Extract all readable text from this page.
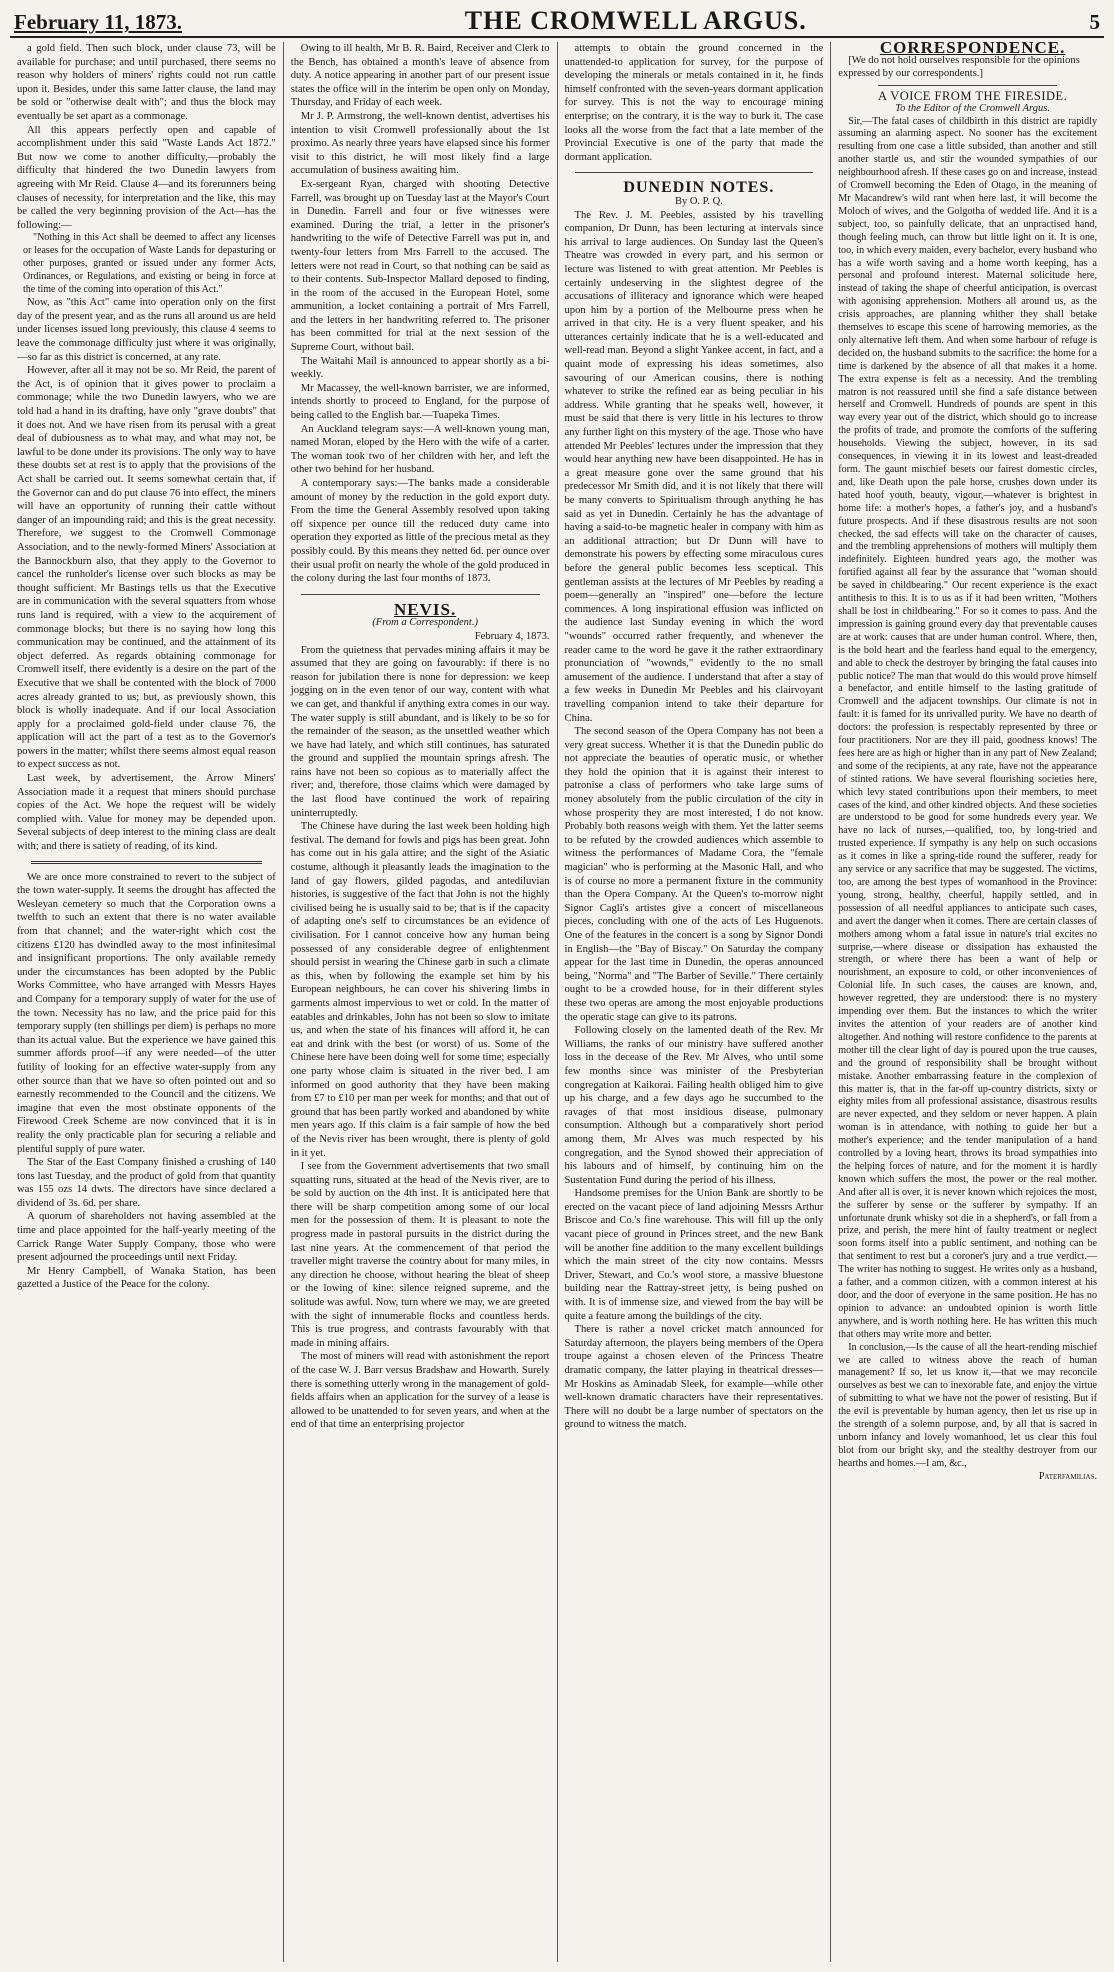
February 11, 1873.	THE CROMWELL ARGUS.	5

a gold field. Then such block, under clause 73, will be available for purchase; and until purchased, there seems no reason why holders of miners' rights could not run cattle upon it. Besides, under this same latter clause, the land may be sold or "otherwise dealt with"; and thus the block may eventually be set apart as a commonage.

All this appears perfectly open and capable of accomplishment under this said "Waste Lands Act 1872." But now we come to another difficulty,—probably the difficulty that hindered the two Dunedin lawyers from agreeing with Mr Reid. Clause 4—and its forerunners being clauses of necessity, for interpretation and the like, this may be called the very beginning provision of the Act—has the following:—

"Nothing in this Act shall be deemed to affect any licenses or leases for the occupation of Waste Lands for depasturing or other purposes, granted or issued under any former Acts, Ordinances, or Regulations, and existing or being in force at the time of the coming into operation of this Act."

Now, as "this Act" came into operation only on the first day of the present year, and as the runs all around us are held under licenses issued long previously, this clause 4 seems to leave the commonage difficulty just where it was originally,—so far as this district is concerned, at any rate.

However, after all it may not be so. Mr Reid, the parent of the Act, is of opinion that it gives power to proclaim a commonage; while the two Dunedin lawyers, who we are told had a hand in its drafting, have only "grave doubts" that it does not. And we have risen from its perusal with a great deal of dubiousness as to what may, and what may not, be lawful to be done under its provisions. The only way to have these doubts set at rest is to apply that the provisions of the Act shall be carried out. It seems somewhat certain that, if the Governor can and do put clause 76 into effect, the miners will have an opportunity of running their cattle without danger of an impounding raid; and this is the great necessity. Therefore, we suggest to the Cromwell Commonage Association, and to the newly-formed Miners' Association at the Bannockburn also, that they apply to the Governor to cancel the runholder's license over such blocks as may be thought sufficient. Mr Bastings tells us that the Executive are in communication with the several squatters from whose runs land is required, with a view to the acquirement of commonage blocks; but there is no saying how long this communication may be continued, and the attainment of its object deferred. As regards obtaining commonage for Cromwell itself, there evidently is a desire on the part of the Executive that we shall be contented with the block of 7000 acres already granted to us; but, as previously shown, this block is wholly inadequate. And if our local Association apply for a proclaimed gold-field under clause 76, the application will act the part of a test as to the Governor's powers in the matter; whilst there seems almost equal reason to expect success as not.

Last week, by advertisement, the Arrow Miners' Association made it a request that miners should purchase copies of the Act. We hope the request will be widely complied with. Value for money may be depended upon. Several subjects of deep interest to the mining class are dealt with; and there is satiety of reading, of its kind.

We are once more constrained to revert to the subject of the town water-supply. It seems the drought has affected the Wesleyan cemetery so much that the Corporation owns a twelfth to such an extent that there is no water available from that channel; and the water-right which cost the citizens £120 has dwindled away to the most infinitesimal and insignificant proportions. The only available remedy under the circumstances has been adopted by the Public Works Committee, who have arranged with Messrs Hayes and Company for a temporary supply of water for the use of the town. Necessity has no law, and the price paid for this temporary supply (ten shillings per diem) is perhaps no more than its actual value. But the experience we have gained this summer affords proof—if any were needed—of the utter futility of looking for an effective water-supply from any other source than that we have so often pointed out and so earnestly recommended to the Council and the citizens. We imagine that even the most obstinate opponents of the Firewood Creek Scheme are now convinced that it is in reality the only practicable plan for securing a reliable and plentiful supply of pure water.

The Star of the East Company finished a crushing of 140 tons last Tuesday, and the product of gold from that quantity was 155 ozs 14 dwts. The directors have since declared a dividend of 3s. 6d. per share.

A quorum of shareholders not having assembled at the time and place appointed for the half-yearly meeting of the Carrick Range Water Supply Company, those who were present adjourned the proceedings until next Friday.

Mr Henry Campbell, of Wanaka Station, has been gazetted a Justice of the Peace for the colony.

Owing to ill health, Mr B. R. Baird, Receiver and Clerk to the Bench, has obtained a month's leave of absence from duty. A notice appearing in another part of our present issue states the office will in the interim be open only on Monday, Thursday, and Friday of each week.

Mr J. P. Armstrong, the well-known dentist, advertises his intention to visit Cromwell professionally about the 1st proximo. As nearly three years have elapsed since his former visit to this district, he will most likely find a large accumulation of business awaiting him.

Ex-sergeant Ryan, charged with shooting Detective Farrell, was brought up on Tuesday last at the Mayor's Court in Dunedin. Farrell and four or five witnesses were examined. During the trial, a letter in the prisoner's handwriting to the wife of Detective Farrell was put in, and twenty-four letters from Mrs Farrell to the accused. The letters were not read in Court, so that nothing can be said as to their contents. Sub-Inspector Mallard deposed to finding, in the room of the accused in the European Hotel, some ammunition, a locket containing a portrait of Mrs Farrell, and the letters in her handwriting referred to. The prisoner has been committed for trial at the next session of the Supreme Court, without bail.

The Waitahi Mail is announced to appear shortly as a bi-weekly.

Mr Macassey, the well-known barrister, we are informed, intends shortly to proceed to England, for the purpose of being called to the English bar.—Tuapeka Times.

An Auckland telegram says:—A well-known young man, named Moran, eloped by the Hero with the wife of a carter. The woman took two of her children with her, and left the other two behind for her husband.

A contemporary says:—The banks made a considerable amount of money by the reduction in the gold export duty. From the time the General Assembly resolved upon taking off sixpence per ounce till the reduced duty came into operation they exported as little of the precious metal as they possibly could. By this means they netted 6d. per ounce over their usual profit on nearly the whole of the gold produced in the colony during the last four months of 1873.

NEVIS.

(From a Correspondent.)

February 4, 1873.

From the quietness that pervades mining affairs it may be assumed that they are going on favourably: if there is no reason for jubilation there is none for depression: we keep jogging on in the even tenor of our way, content with what we can get, and thankful if anything extra comes in our way. The water supply is still abundant, and is likely to be so for the remainder of the season, as the unsettled weather which we have had lately, and which still continues, has saturated the ground and supplied the mountain springs afresh. The rains have not been so copious as to materially affect the river; and, therefore, those claims which were damaged by the last flood have continued the work of repairing uninterruptedly.

The Chinese have during the last week been holding high festival. The demand for fowls and pigs has been great. John has come out in his gala attire; and the sight of the Asiatic costume, although it pleasantly leads the imagination to the land of gay flowers, gilded pagodas, and antediluvian histories, is suggestive of the fact that John is not the highly civilised being he is usually said to be; that is if the capacity of adapting one's self to circumstances be an evidence of civilisation. For I cannot conceive how any human being possessed of any considerable degree of enlightenment should persist in wearing the Chinese garb in such a climate as this, when by following the example set him by his European neighbours, he can cover his shivering limbs in garments almost impervious to wet or cold. In the matter of eatables and drinkables, John has not been so slow to imitate us, and when the state of his finances will afford it, he can eat and drink with the best (or worst) of us. Some of the Chinese here have been doing well for some time; especially one party whose claim is situated in the river bed. I am informed on good authority that they have been making from £7 to £10 per man per week for months; and that out of ground that has been partly worked and abandoned by white men years ago. If this claim is a fair sample of how the bed of the Nevis river has been wrought, there is plenty of gold in it yet.

I see from the Government advertisements that two small squatting runs, situated at the head of the Nevis river, are to be sold by auction on the 4th inst. It is anticipated here that there will be sharp competition among some of our local men for the possession of them. It is pleasant to note the progress made in pastoral pursuits in the district during the last nine years. At the commencement of that period the traveller might traverse the country about for many miles, in any direction he choose, without hearing the bleat of sheep or the lowing of kine: silence reigned supreme, and the solitude was awful. Now, turn where we may, we are greeted with the sight of innumerable flocks and countless herds. This is true progress, and contrasts favourably with that made in mining affairs.

The most of miners will read with astonishment the report of the case W. J. Barr versus Bradshaw and Howarth. Surely there is something utterly wrong in the management of gold-fields affairs when an application for the survey of a lease is allowed to be unattended to for seven years, and when at the end of that time an enterprising projector

attempts to obtain the ground concerned in the unattended-to application for survey, for the purpose of developing the minerals or metals contained in it, he finds himself confronted with the seven-years dormant application for survey. This is not the way to encourage mining enterprise; on the contrary, it is the way to burk it. The case looks all the worse from the fact that a late member of the Provincial Executive is one of the party that made the dormant application.

DUNEDIN NOTES.

By O. P. Q.

The Rev. J. M. Peebles, assisted by his travelling companion, Dr Dunn, has been lecturing at intervals since his arrival to large audiences. On Sunday last the Queen's Theatre was crowded in every part, and his sermon or lecture was listened to with great attention. Mr Peebles is certainly undeserving in the slightest degree of the accusations of illiteracy and ignorance which were heaped upon him by a portion of the Melbourne press when he arrived in that city. He is a very fluent speaker, and his utterances certainly indicate that he is a well-educated and well-read man. Beyond a slight Yankee accent, in fact, and a quaint mode of expressing his ideas sometimes, also savouring of our American cousins, there is nothing whatever to strike the refined ear as being peculiar in his address. While granting that he speaks well, however, it must be said that there is very little in his lectures to throw any further light on this mystery of the age. Those who have attended Mr Peebles' lectures under the impression that they would hear anything new have been disappointed. He has in a great measure gone over the same ground that his predecessor Mr Smith did, and it is not likely that there will be many converts to Spiritualism through anything he has said as yet in Dunedin. Certainly he has the advantage of having a said-to-be magnetic healer in company with him as an additional attraction; but Dr Dunn will have to demonstrate his powers by effecting some miraculous cures before the general public becomes less sceptical. This gentleman assists at the lectures of Mr Peebles by reading a poem—generally an "inspired" one—before the lecture commences. A long inspirational effusion was inflicted on the audience last Sunday evening in which the word "wounds" occurred rather frequently, and whenever the reader came to the word he gave it the rather extraordinary pronunciation of "wownds," evidently to the no small amusement of the audience. I understand that after a stay of a few weeks in Dunedin Mr Peebles and his clairvoyant travelling companion intend to take their departure for China.

The second season of the Opera Company has not been a very great success. Whether it is that the Dunedin public do not appreciate the beauties of operatic music, or whether they hold the opinion that it is against their interest to patronise a class of performers who take large sums of money absolutely from the public circulation of the city in whose prosperity they are most interested, I do not know. Probably both reasons weigh with them. Yet the latter seems to be refuted by the crowded audiences which assemble to witness the performances of Madame Cora, the "female magician" who is performing at the Masonic Hall, and who is of course no more a permanent fixture in the community than the Opera Company. At the Queen's to-morrow night Signor Cagli's artistes give a concert of miscellaneous pieces, concluding with one of the acts of Les Huguenots. One of the features in the concert is a song by Signor Dondi in English—the "Bay of Biscay." On Saturday the company appear for the last time in Dunedin, the operas announced being, "Norma" and "The Barber of Seville." There certainly ought to be a crowded house, for in their different styles these two operas are among the most enjoyable productions the operatic stage can give to its patrons.

Following closely on the lamented death of the Rev. Mr Williams, the ranks of our ministry have suffered another loss in the decease of the Rev. Mr Alves, who until some few months since was minister of the Presbyterian congregation at Kaikorai. Failing health obliged him to give up his charge, and a few days ago he succumbed to the ravages of that most insidious disease, pulmonary consumption. Although but a comparatively short period among them, Mr Alves was much respected by his congregation, and the Synod showed their appreciation of his labours and of himself, by continuing him on the Sustentation Fund during the period of his illness.

Handsome premises for the Union Bank are shortly to be erected on the vacant piece of land adjoining Messrs Arthur Briscoe and Co.'s fine warehouse. This will fill up the only vacant piece of ground in Princes street, and the new Bank will be another fine addition to the many excellent buildings which the main street of the city now contains. Messrs Driver, Stewart, and Co.'s wool store, a massive bluestone building near the Rattray-street jetty, is being pushed on with. It is of immense size, and viewed from the bay will be quite a feature among the buildings of the city.

There is rather a novel cricket match announced for Saturday afternoon, the players being members of the Opera troupe against a chosen eleven of the Princess Theatre dramatic company, the latter playing in theatrical dresses—Mr Hoskins as Aminadab Sleek, for example—while other well-known dramatic characters have their representatives. There will no doubt be a large number of spectators on the ground to witness the match.

CORRESPONDENCE.

[We do not hold ourselves responsible for the opinions expressed by our correspondents.]

A VOICE FROM THE FIRESIDE.

To the Editor of the Cromwell Argus.

Sir,—The fatal cases of childbirth in this district are rapidly assuming an alarming aspect. No sooner has the excitement resulting from one case a little subsided, than another and still another startle us, and stir the wounded sympathies of our neighbourhood afresh. If these cases go on and increase, instead of Cromwell becoming the Eden of Otago, in the meaning of Mr Macandrew's wild rant when here last, it will become the Moloch of wives, and the Golgotha of wedded life. And it is a subject, too, so painfully delicate, that an unpractised hand, though feeling much, can throw but little light on it. It is one, too, in which every maiden, every bachelor, every husband who has a wife worth saving and a home worth keeping, has a personal and profound interest. Maternal solicitude here, instead of taking the shape of cheerful anticipation, is overcast with agonising apprehension. Mothers all around us, as the crisis approaches, are planning whither they shall betake themselves to escape this scene of harrowing memories, as the only alternative left them. And when some harbour of refuge is decided on, the husband submits to the sacrifice: the home for a time is darkened by the absence of all that makes it a home. The extra expense is felt as a necessity. And the trembling matron is not reassured until she find a safe distance between herself and Cromwell. Hundreds of pounds are spent in this way every year out of the district, which should go to increase the profits of trade, and promote the comforts of the suffering households. Viewing the subject, however, in its sad consequences, in viewing it in its lowest and least-dreaded form. The gaunt mischief besets our fairest domestic circles, and, like Death upon the pale horse, crushes down under its hated hoof youth, beauty, vigour,—whatever is brightest in home life: a mother's hopes, a father's joy, and a husband's future prospects. And if these disastrous results are not soon checked, the sad effects will take on the character of causes, and the trembling apprehensions of mothers will multiply them indefinitely. Eighteen hundred years ago, the mother was fortified against all fear by the assurance that "woman should be saved in childbearing." Our recent experience is the exact antithesis to this. It is to us as if it had been written, "Mothers shall be lost in childbearing." For so it comes to pass. And the impression is gaining ground every day that preventable causes are at work: causes that are under human control. Where, then, is the bold heart and the fearless hand equal to the emergency, and able to check the destroyer by bringing the fatal causes into public notice? The man that would do this would prove himself a benefactor, and entitle himself to the lasting gratitude of Cromwell and the adjacent townships. Our climate is not in fault: it is famed for its unrivalled purity. We have no dearth of doctors: the profession is respectably represented by three or four practitioners. Nor are they ill paid, goodness knows! The fees here are as high or higher than in any part of New Zealand; and some of the recipients, at any rate, have not the appearance of stinted rations. We have several flourishing societies here, which levy stated contributions upon their members, to meet cases of the kind, and other kindred objects. And these societies are understood to be good for some hundreds every year. We have no lack of nurses,—qualified, too, by long-tried and trusted experience. If sympathy is any help on such occasions as it comes in like a spring-tide round the sufferer, ready for any service or any sacrifice that may be suggested. The victims, too, are among the best types of womanhood in the Province: young, strong, healthy, cheerful, happily settled, and in possession of all needful appliances to anticipate such cases, and avert the danger when it comes. There are certain classes of mothers among whom a fatal issue in nature's trial excites no surprise,—where disease or dissipation has exhausted the strength, or where there has been a want of help or nourishment, an exposure to cold, or other inconveniences of Colonial life. In such cases, the causes are known, and, however regretted, they are understood: there is no mystery impending over them. But the instances to which the writer invites the attention of your readers are of another kind altogether. And nothing will restore confidence to the parents at mother till the clear light of day is poured upon the true causes, and the ground of responsibility shall be brought without mistake. Another embarrassing feature in the complexion of this matter is, that in the far-off up-country districts, sixty or eighty miles from all professional assistance, disastrous results are never expected, and they seldom or never happen. A plain woman is in attendance, with nothing to guide her but a mother's experience; and the tender manipulation of a hand controlled by a loving heart, throws its broad sympathies into the helping forces of nature, and for the moment it is hardly known which suffers the most, the power or the real mother. And after all is over, it is never known which rejoices the most, the sufferer by sense or the sufferer by sympathy. If an unfortunate drunk whisky sot die in a shepherd's, or fall from a prize, and perish, the mere hint of faulty treatment or neglect soon forms itself into a public sentiment, and nothing can be that sentiment to rest but a coroner's jury and a true verdict.—The writer has nothing to suggest. He writes only as a husband, a father, and a common citizen, with a common interest at his door, and the door of everyone in the same position. He has no opinion to advance: an undoubted opinion is worth little anywhere, and is worth nothing here. He has written this much that others may write more and better.

In conclusion,—Is the cause of all the heart-rending mischief we are called to witness above the reach of human management? If so, let us know it,—that we may reconcile ourselves as best we can to inexorable fate, and enjoy the virtue of submitting to what we have not the power of resisting. But if the evil is preventable by human agency, then let us rise up in the strength of a solemn purpose, and, by all that is sacred in unborn infancy and lovely womanhood, let us clear this foul blot from our bright sky, and the stealthy destroyer from our hearths and homes.—I am, &c.,

Paterfamilias.
